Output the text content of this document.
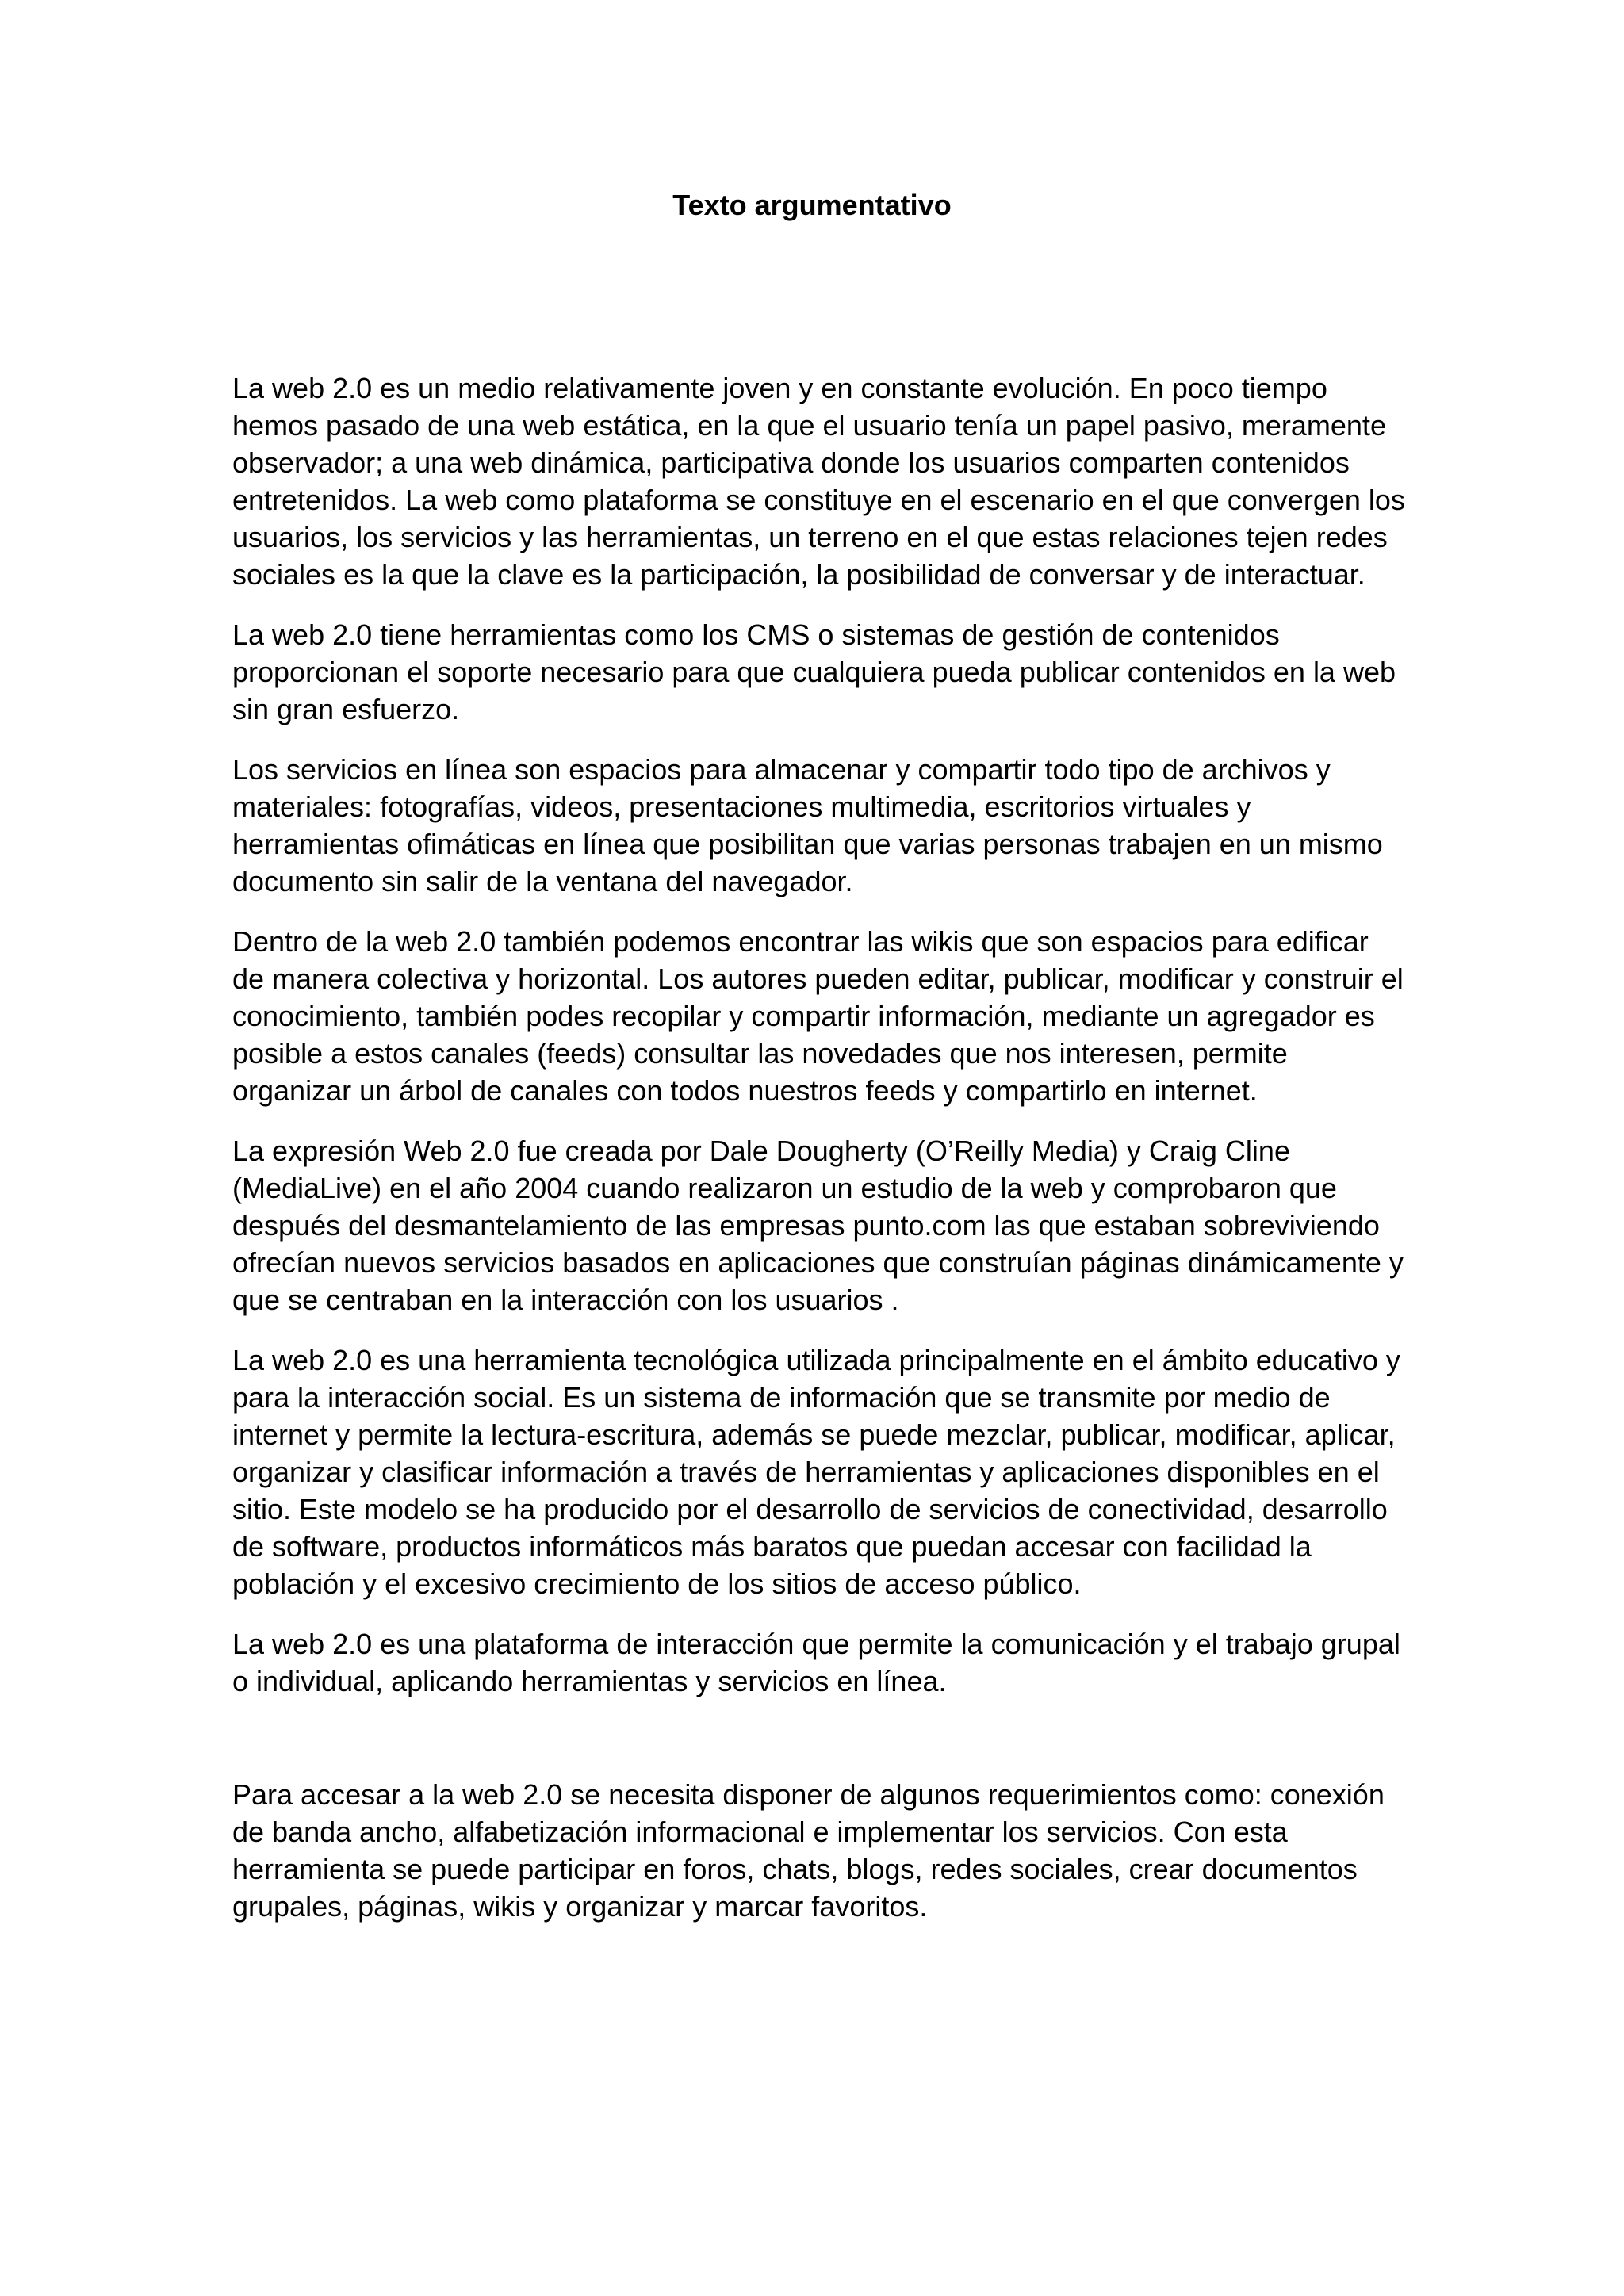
Texto argumentativo

La web 2.0 es un medio relativamente joven y en constante evolución. En poco tiempo hemos pasado de una web estática, en la que el usuario tenía un papel pasivo, meramente observador; a una web dinámica, participativa donde los usuarios comparten contenidos entretenidos. La web como plataforma se constituye en el escenario en el que convergen los usuarios, los servicios y las herramientas, un terreno en el que estas relaciones tejen redes sociales es la que la clave es la participación, la posibilidad de conversar y de interactuar.

La web 2.0 tiene herramientas como los CMS o sistemas de gestión de contenidos proporcionan el soporte necesario para que cualquiera pueda publicar contenidos en la web sin gran esfuerzo.

Los servicios en línea son espacios para almacenar y compartir todo tipo de archivos y materiales: fotografías, videos, presentaciones multimedia, escritorios virtuales y herramientas ofimáticas en línea que posibilitan que varias personas trabajen en un mismo documento sin salir de la ventana del navegador.

Dentro de la web 2.0 también podemos encontrar las wikis que son espacios para edificar de manera colectiva y horizontal. Los autores pueden editar, publicar, modificar y construir el conocimiento, también podes recopilar y compartir información, mediante un agregador es posible a estos canales (feeds) consultar las novedades que nos interesen, permite organizar un árbol de canales con todos nuestros feeds y compartirlo en internet.

La expresión Web 2.0 fue creada por Dale Dougherty (O’Reilly Media) y Craig Cline (MediaLive) en el año 2004 cuando realizaron un estudio de la web y comprobaron que después del desmantelamiento de las empresas punto.com las que estaban sobreviviendo ofrecían nuevos servicios basados en aplicaciones que construían páginas dinámicamente y que se centraban en la interacción con los usuarios .

La web 2.0 es una herramienta tecnológica utilizada principalmente en el ámbito educativo y para la interacción social. Es un sistema de información que se transmite por medio de internet y permite la lectura-escritura, además se puede mezclar, publicar, modificar, aplicar, organizar y clasificar información a través de herramientas y aplicaciones disponibles en el sitio. Este modelo se ha producido por el desarrollo de servicios de conectividad, desarrollo de software, productos informáticos más baratos que puedan accesar con facilidad la población y el excesivo crecimiento de los sitios de acceso público.

La web 2.0 es una plataforma de interacción que permite la comunicación y el trabajo grupal o individual, aplicando herramientas y servicios en línea.

Para accesar a la web 2.0 se necesita disponer de algunos requerimientos como: conexión de banda ancho, alfabetización informacional e implementar los servicios. Con esta herramienta se puede participar en foros, chats, blogs, redes sociales, crear documentos grupales, páginas, wikis y organizar y marcar favoritos.
